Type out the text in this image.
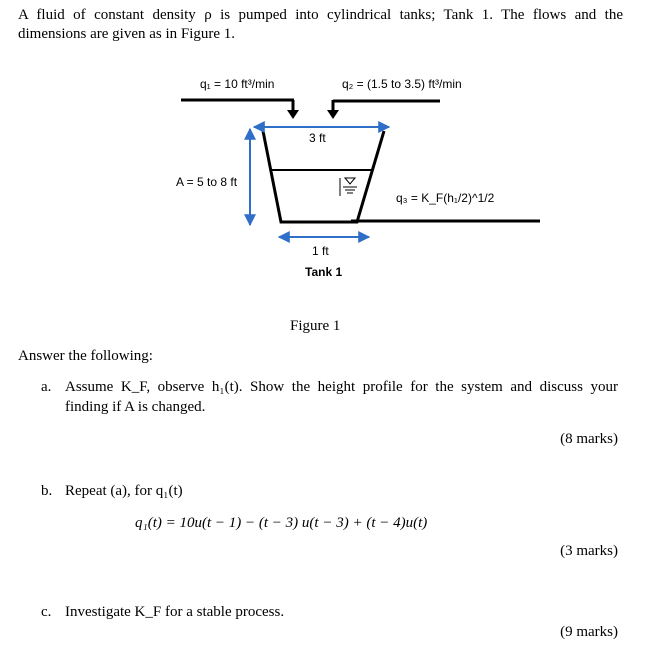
A fluid of constant density ρ is pumped into cylindrical tanks; Tank 1. The flows and the
dimensions are given as in Figure 1.
q₁ = 10 ft³/min	q₂ = (1.5 to 3.5) ft³/min
3 ft
A = 5 to 8 ft
q₃ = K_F(h₁/2)^1/2
1 ft
Tank 1
Figure 1
Answer the following:
a. Assume K_F, observe h₁(t). Show the height profile for the system and discuss your
finding if A is changed.
(8 marks)
b. Repeat (a), for q₁(t)
q₁(t) = 10u(t − 1) − (t − 3) u(t − 3) + (t − 4)u(t)
(3 marks)
c. Investigate K_F for a stable process.
(9 marks)
